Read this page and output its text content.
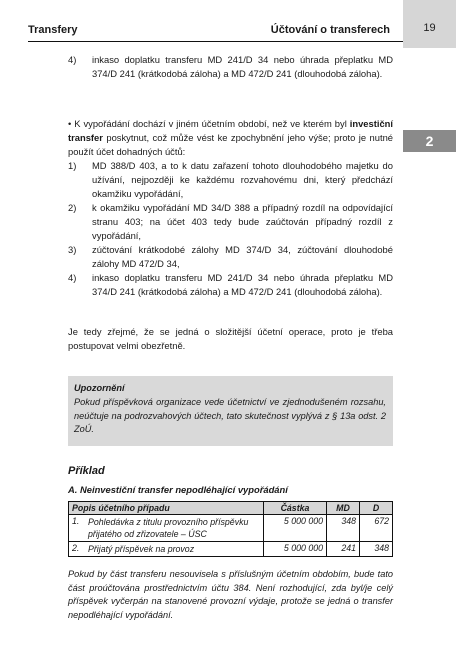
19
Transfery	Účtování o transferech
2
4) inkaso doplatku transferu MD 241/D 34 nebo úhrada přeplatku MD 374/D 241 (krátkodobá záloha) a MD 472/D 241 (dlouhodobá záloha).
• K vypořádání dochází v jiném účetním období, než ve kterém byl investiční transfer poskytnut, což může vést ke zpochybnění jeho výše; proto je nutné použít účet dohadných účtů:
1) MD 388/D 403, a to k datu zařazení tohoto dlouhodobého majetku do užívání, nejpozději ke každému rozvahovému dni, který předchází okamžiku vypořádání,
2) k okamžiku vypořádání MD 34/D 388 a případný rozdíl na odpovídající stranu 403; na účet 403 tedy bude zaúčtován případný rozdíl z vypořádání,
3) zúčtování krátkodobé zálohy MD 374/D 34, zúčtování dlouhodobé zálohy MD 472/D 34,
4) inkaso doplatku transferu MD 241/D 34 nebo úhrada přeplatku MD 374/D 241 (krátkodobá záloha) a MD 472/D 241 (dlouhodobá záloha).
Je tedy zřejmé, že se jedná o složitější účetní operace, proto je třeba postupovat velmi obezřetně.
Upozornění
Pokud příspěvková organizace vede účetnictví ve zjednodušeném rozsahu, neúčtuje na podrozvahových účtech, tato skutečnost vyplývá z § 13a odst. 2 ZoÚ.
Příklad
A. Neinvestiční transfer nepodléhající vypořádání
Popis účetního případu		Částka	MD	D
1.	Pohledávka z titulu provozního příspěvku přijatého od zřizovatele – ÚSC	5 000 000	348	672
2.	Přijatý příspěvek na provoz	5 000 000	241	348
Pokud by část transferu nesouvisela s příslušným účetním obdobím, bude tato část proúčtována prostřednictvím účtu 384. Není rozhodující, zda byl/je celý příspěvek vyčerpán na stanovené provozní výdaje, protože se jedná o transfer nepodléhající vypořádání.
